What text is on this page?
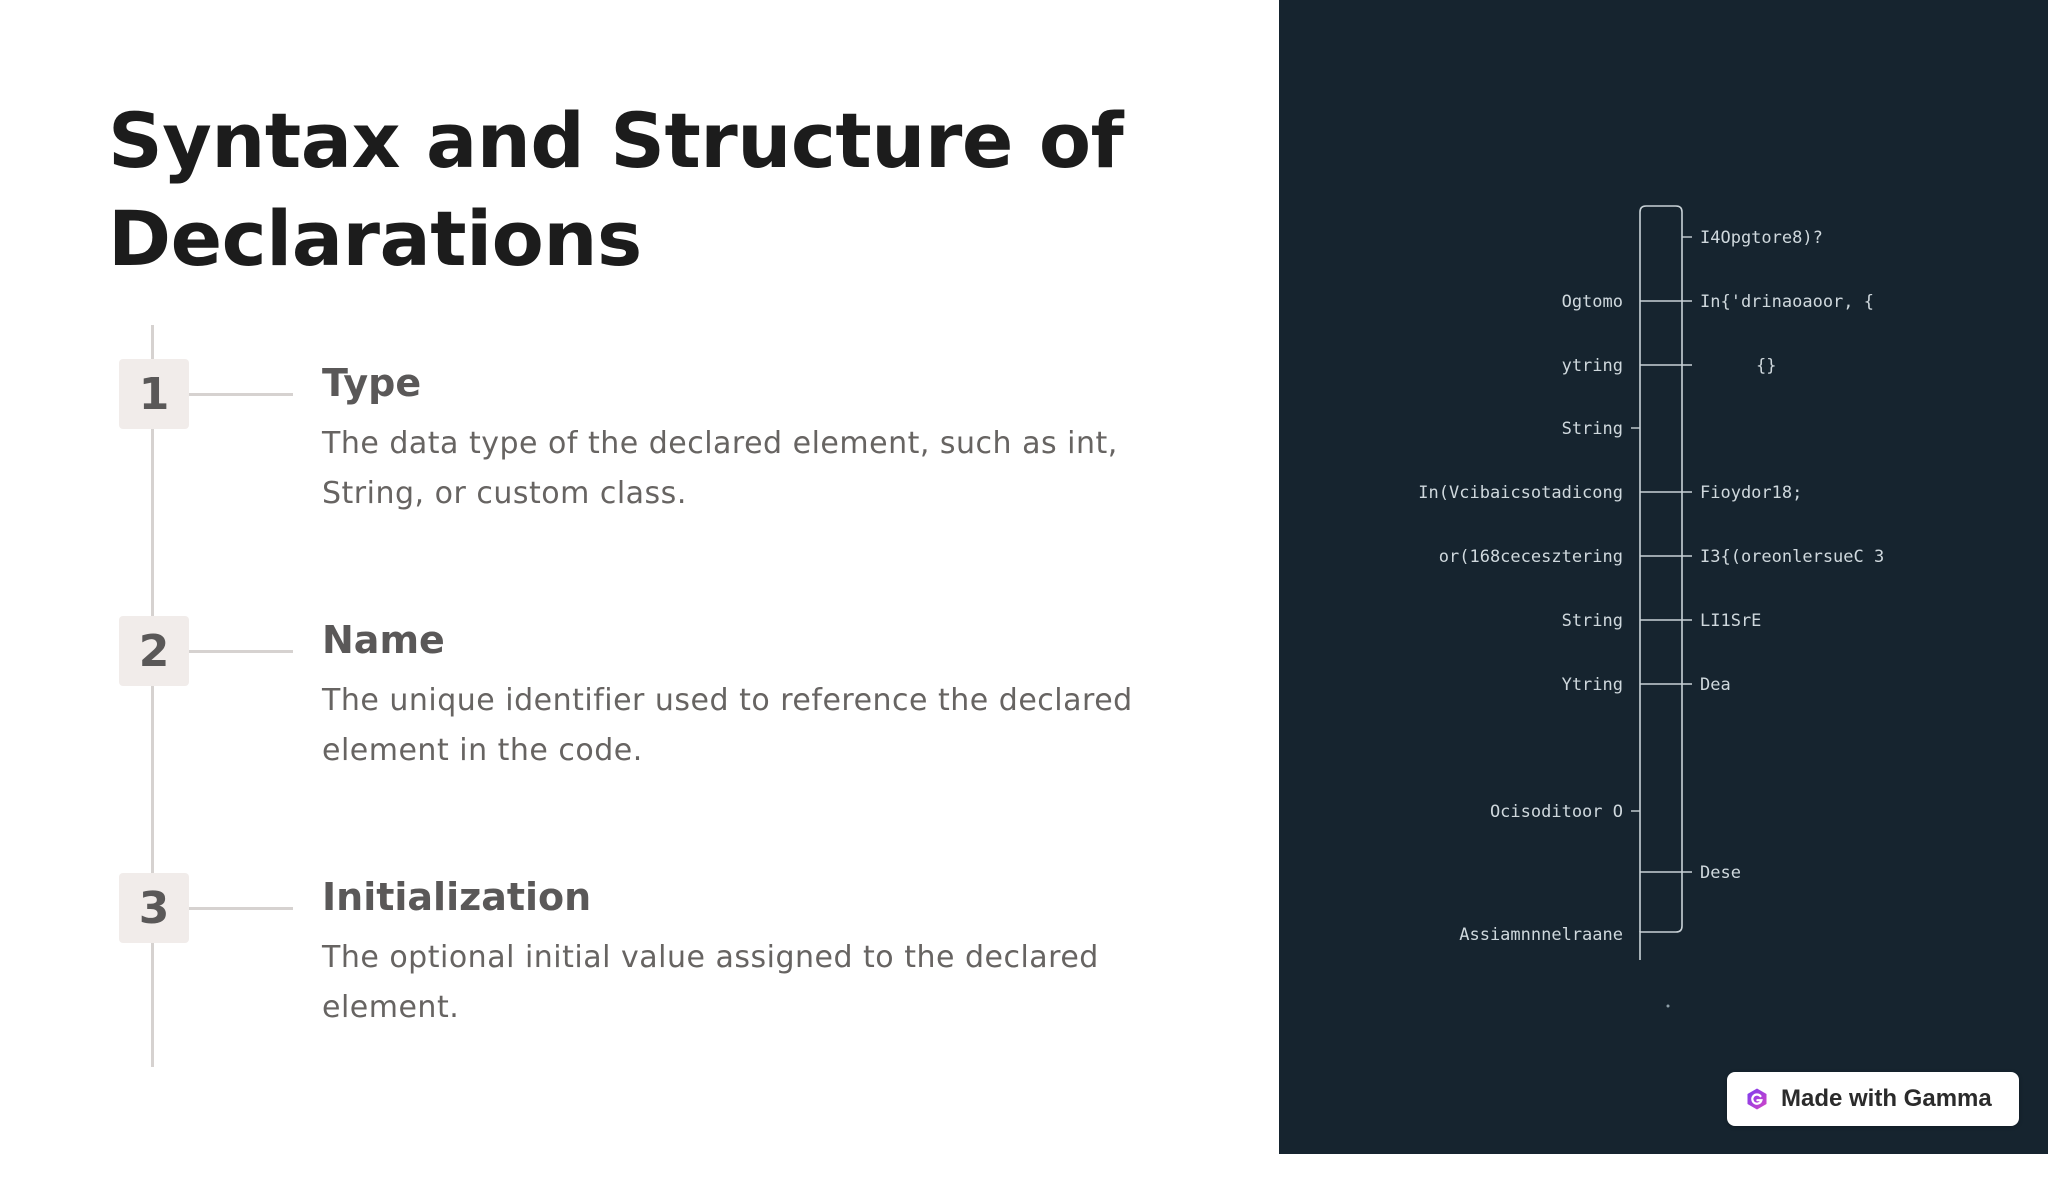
Syntax and Structure of Declarations
1	Type

The data type of the declared element, such as int, String, or custom class.

2	Name

The unique identifier used to reference the declared element in the code.

3	Initialization

The optional initial value assigned to the declared element.

I4Opgtore8)?
In{'drinaoaoor, {
{}
Fioydor18;
I3{(oreonlersueC 3
LI1SrE
Dea
Dese
Ogtomo
ytring
String
In(Vcibaicsotadicong
or(168cecesztering
String
Ytring
Ocisoditoor O
Assiamnnnelraane
Made with Gamma
